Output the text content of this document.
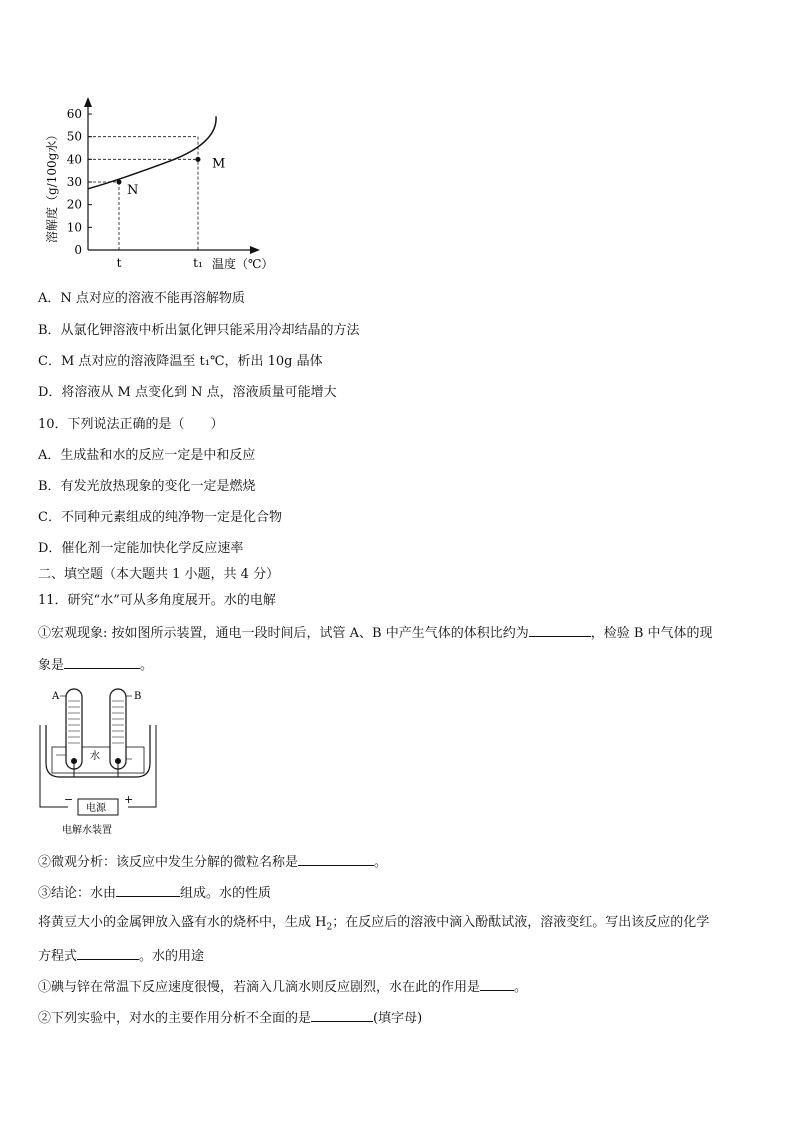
0
10
20
30
40
50
60
N
M
t	t₁ 温度（℃）
溶解度（g/100g水）
A．N 点对应的溶液不能再溶解物质
B．从氯化钾溶液中析出氯化钾只能采用冷却结晶的方法
C．M 点对应的溶液降温至 t₁℃，析出 10g 晶体
D．将溶液从 M 点变化到 N 点，溶液质量可能增大
10．下列说法正确的是（　　）
A．生成盐和水的反应一定是中和反应
B．有发光放热现象的变化一定是燃烧
C．不同种元素组成的纯净物一定是化合物
D．催化剂一定能加快化学反应速率
二、填空题（本大题共 1 小题，共 4 分）
11．研究“水”可从多角度展开。水的电解
①宏观现象: 按如图所示装置，通电一段时间后，试管 A、B 中产生气体的体积比约为	，检验 B 中气体的现
象是	。
A	B
水
电源
−	+
电解水装置
②微观分析：该反应中发生分解的微粒名称是	。
③结论：水由	组成。水的性质
将黄豆大小的金属钾放入盛有水的烧杯中，生成 $H_2$；在反应后的溶液中滴入酚酞试液，溶液变红。写出该反应的化学
方程式	。水的用途
①碘与锌在常温下反应速度很慢，若滴入几滴水则反应剧烈，水在此的作用是	。
②下列实验中，对水的主要作用分析不全面的是	(填字母)
